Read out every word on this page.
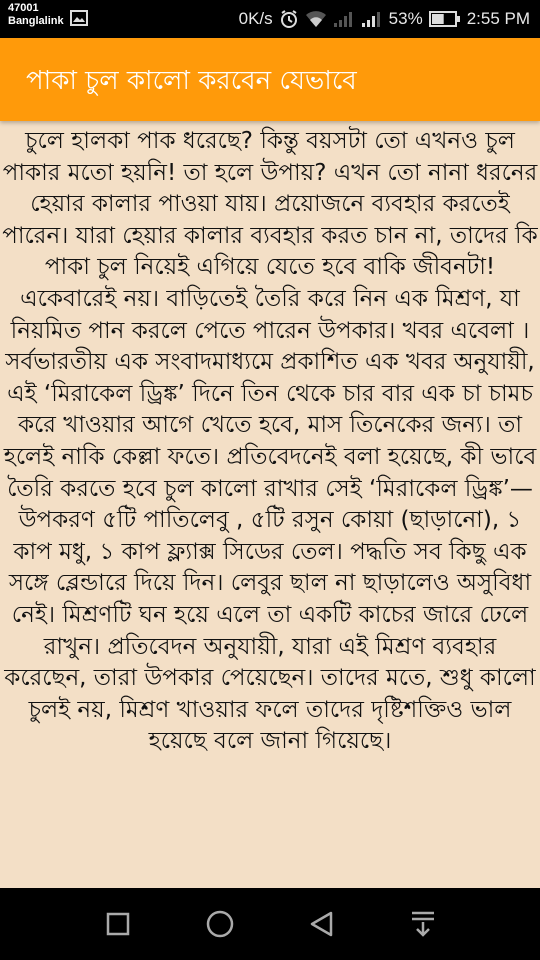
47001
Banglalink	0K/s	53%	2:55 PM
পাকা চুল কালো করবেন যেভাবে
চুলে হালকা পাক ধরেছে? কিন্তু বয়সটা তো এখনও চুল পাকার মতো হয়নি! তা হলে উপায়? এখন তো নানা ধরনের হেয়ার কালার পাওয়া যায়। প্রয়োজনে ব্যবহার করতেই পারেন। যারা হেয়ার কালার ব্যবহার করত চান না, তাদের কি পাকা চুল নিয়েই এগিয়ে যেতে হবে বাকি জীবনটা! একেবারেই নয়। বাড়িতেই তৈরি করে নিন এক মিশ্রণ, যা নিয়মিত পান করলে পেতে পারেন উপকার। খবর এবেলা । সর্বভারতীয় এক সংবাদমাধ্যমে প্রকাশিত এক খবর অনুযায়ী, এই ‘মিরাকেল ড্রিঙ্ক’ দিনে তিন থেকে চার বার এক চা চামচ করে খাওয়ার আগে খেতে হবে, মাস তিনেকের জন্য। তা হলেই নাকি কেল্লা ফতে। প্রতিবেদনেই বলা হয়েছে, কী ভাবে তৈরি করতে হবে চুল কালো রাখার সেই ‘মিরাকেল ড্রিঙ্ক’— উপকরণ ৫টি পাতিলেবু , ৫টি রসুন কোয়া (ছাড়ানো), ১ কাপ মধু, ১ কাপ ফ্ল্যাক্স সিডের তেল। পদ্ধতি সব কিছু এক সঙ্গে ব্লেন্ডারে দিয়ে দিন। লেবুর ছাল না ছাড়ালেও অসুবিধা নেই। মিশ্রণটি ঘন হয়ে এলে তা একটি কাচের জারে ঢেলে রাখুন। প্রতিবেদন অনুযায়ী, যারা এই মিশ্রণ ব্যবহার করেছেন, তারা উপকার পেয়েছেন। তাদের মতে, শুধু কালো চুলই নয়, মিশ্রণ খাওয়ার ফলে তাদের দৃষ্টিশক্তিও ভাল হয়েছে বলে জানা গিয়েছে।
